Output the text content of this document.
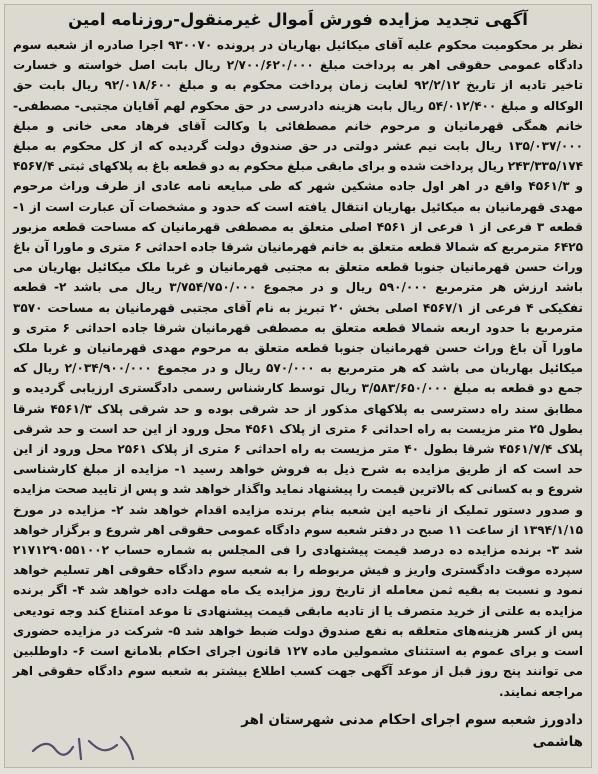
آگهی تجدید مزایده فورش اَموال غیرمنقول-روزنامه امین

نظر بر محکومیت محکوم علیه آقای میکائیل بهاریان در پرونده ۹۳۰۰۷۰ اجرا صادره از شعبه سوم دادگاه عمومی حقوقی اهر به پرداخت مبلغ ۲/۷۰۰/۶۲۰/۰۰۰ ریال بابت اصل خواسته و خسارت تاخیر تادیه از تاریخ ۹۲/۲/۱۲ لغایت زمان پرداخت محکوم به و مبلغ ۹۲/۰۱۸/۶۰۰ ریال بابت حق الوکاله و مبلغ ۵۴/۰۱۲/۴۰۰ ریال بابت هزینه دادرسی در حق محکوم لهم آقایان مجتبی- مصطفی- خانم همگی قهرمانیان و مرحوم خانم مصطفائی با وکالت آقای فرهاد معی خانی و مبلغ ۱۳۵/۰۳۷/۰۰۰ ریال بابت نیم عشر دولتی در حق صندوق دولت گردیده که از کل محکوم به مبلغ ۲۴۳/۳۳۵/۱۷۴ ریال پرداخت شده و برای مابقی مبلغ محکوم به دو قطعه باغ به پلاکهای ثبتی ۴۵۶۷/۴ و ۴۵۶۱/۳ واقع در اهر اول جاده مشکین شهر که طی مبایعه نامه عادی از طرف وراث مرحوم مهدی قهرمانیان به میکائیل بهاریان انتقال یافته است که حدود و مشخصات آن عبارت است از ۱- قطعه ۳ فرعی از ۱ فرعی از ۴۵۶۱ اصلی متعلق به مصطفی قهرمانیان که مساحت قطعه مزبور ۶۴۲۵ مترمربع که شمالا قطعه متعلق به خانم قهرمانیان شرقا جاده احداثی ۶ متری و ماورا آن باغ وراث حسن قهرمانیان جنوبا قطعه متعلق به مجتبی قهرمانیان و غربا ملک میکائیل بهاریان می باشد ارزش هر مترمربع ۵۹۰/۰۰۰ ریال و در مجموع ۳/۷۵۴/۷۵۰/۰۰۰ ریال می باشد ۲- قطعه تفکیکی ۴ فرعی از ۴۵۶۷/۱ اصلی بخش ۲۰ تبریز به نام آقای مجتبی قهرمانیان به مساحت ۳۵۷۰ مترمربع با حدود اربعه شمالا قطعه متعلق به مصطفی قهرمانیان شرقا جاده احداثی ۶ متری و ماورا آن باغ وراث حسن قهرمانیان جنوبا قطعه متعلق به مرحوم مهدی قهرمانیان و غربا ملک میکائیل بهاریان می باشد که هر مترمربع به ۵۷۰/۰۰۰ ریال و در مجموع ۲/۰۳۴/۹۰۰/۰۰۰ ریال که جمع دو قطعه به مبلغ ۳/۵۸۳/۶۵۰/۰۰۰ ریال توسط کارشناس رسمی دادگستری ارزیابی گردیده و مطابق سند راه دسترسی به پلاکهای مذکور از حد شرقی بوده و حد شرقی پلاک ۴۵۶۱/۳ شرقا بطول ۲۵ متر مزیست به راه احداثی ۶ متری از پلاک ۴۵۶۱ محل ورود از این حد است و حد شرقی پلاک ۴۵۶۱/۷/۴ شرقا بطول ۴۰ متر مزیست به راه احداثی ۶ متری از پلاک ۲۵۶۱ محل ورود از این حد است که از طریق مزایده به شرح ذیل به فروش خواهد رسید ۱- مزایده از مبلغ کارشناسی شروع و به کسانی که بالاترین قیمت را پیشنهاد نماید واگذار خواهد شد و پس از تایید صحت مزایده و صدور دستور تملیک از ناحیه این شعبه بنام برنده مزایده اقدام خواهد شد ۲- مزایده در مورخ ۱۳۹۴/۱/۱۵ از ساعت ۱۱ صبح در دفتر شعبه سوم دادگاه عمومی حقوقی اهر شروع و برگزار خواهد شد ۳- برنده مزایده ده درصد قیمت پیشنهادی را فی المجلس به شماره حساب ۲۱۷۱۲۹۰۵۵۱۰۰۲ سپرده موقت دادگستری واریز و فیش مربوطه را به شعبه سوم دادگاه حقوقی اهر تسلیم خواهد نمود و نسبت به بقیه ثمن معامله از تاریخ روز مزایده یک ماه مهلت داده خواهد شد ۴- اگر برنده مزایده به علتی از خرید متصرف یا از تادیه مابقی قیمت پیشنهادی تا موعد امتناع کند وجه تودیعی پس از کسر هزینه‌های متعلقه به نفع صندوق دولت ضبط خواهد شد ۵- شرکت در مزایده حضوری است و برای عموم به استثنای مشمولین ماده ۱۲۷ قانون اجرای احکام بلامانع است ۶- داوطلبین می توانند پنج روز قبل از موعد آگهی جهت کسب اطلاع بیشتر به شعبه سوم دادگاه حقوقی اهر مراجعه نمایند.

دادورز شعبه سوم اجرای احکام مدنی شهرستان اهر
هاشمی
